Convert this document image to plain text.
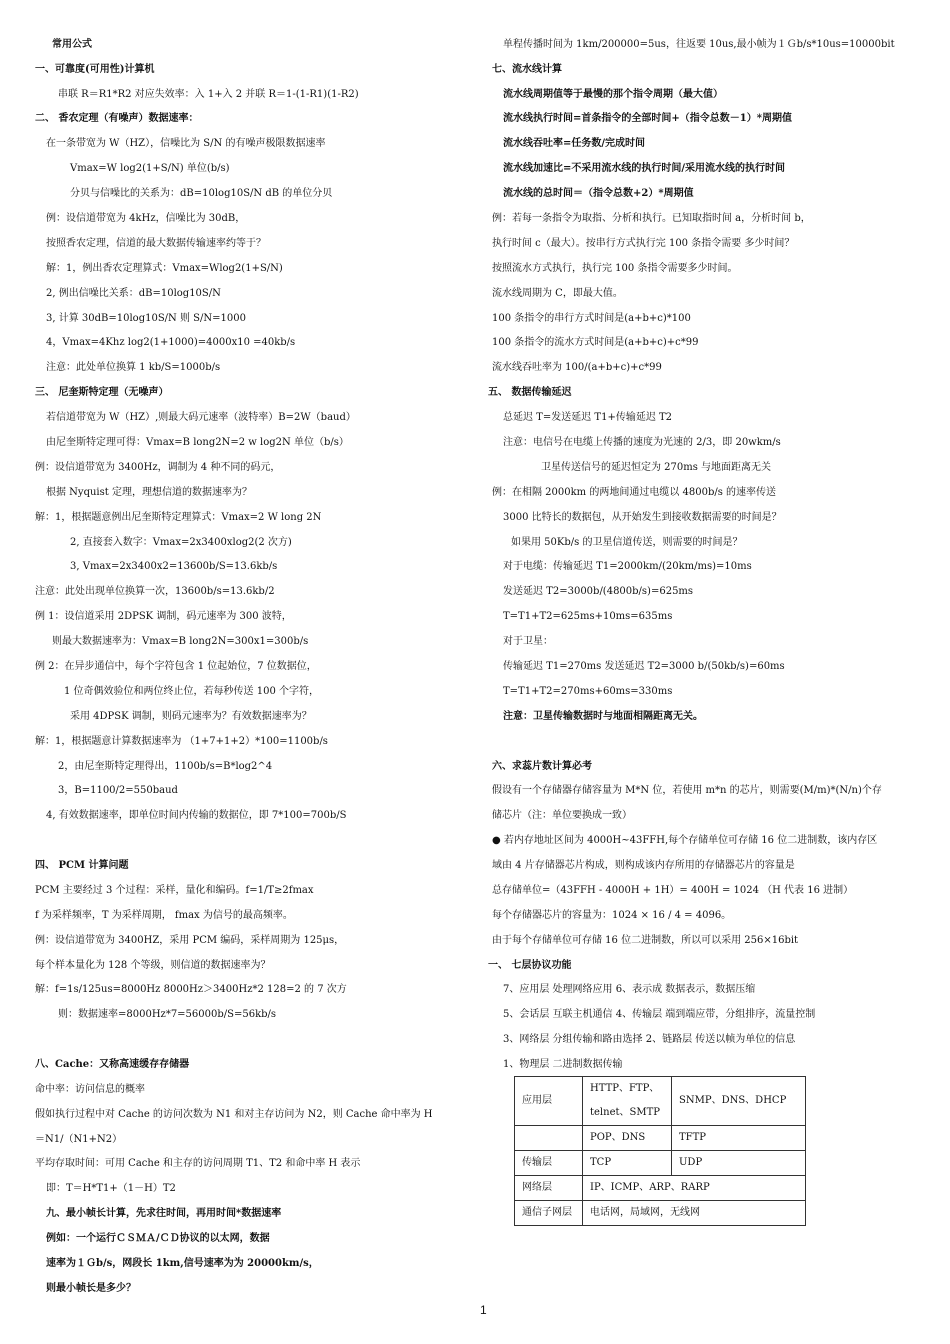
常用公式
一、可靠度(可用性)计算机
串联 R＝R1*R2 对应失效率：入 1+入 2 并联 R＝1-(1-R1)(1-R2)
二、 香农定理（有噪声）数据速率：
在一条带宽为 W（HZ），信噪比为 S/N 的有噪声极限数据速率
Vmax=W log2(1+S/N) 单位(b/s)
分贝与信噪比的关系为：dB=10log10S/N dB 的单位分贝
例：设信道带宽为 4kHz，信噪比为 30dB，
按照香农定理，信道的最大数据传输速率约等于？
解：1，例出香农定理算式：Vmax=Wlog2(1+S/N)
2, 例出信噪比关系：dB=10log10S/N
3, 计算 30dB=10log10S/N 则 S/N=1000
4，Vmax=4Khz log2(1+1000)=4000x10 =40kb/s
注意：此处单位换算 1 kb/S=1000b/s
三、 尼奎斯特定理（无噪声）
若信道带宽为 W（HZ）,则最大码元速率（波特率）B=2W（baud）
由尼奎斯特定理可得：Vmax=B long2N=2 w log2N 单位（b/s）
例：设信道带宽为 3400Hz，调制为 4 种不同的码元，
根据 Nyquist 定理，理想信道的数据速率为？
解：1，根据题意例出尼奎斯特定理算式：Vmax=2 W long 2N
2, 直接套入数字：Vmax=2x3400xlog2(2 次方)
3, Vmax=2x3400x2=13600b/S=13.6kb/s
注意：此处出现单位换算一次，13600b/s=13.6kb/2
例 1：设信道采用 2DPSK 调制，码元速率为 300 波特，
则最大数据速率为：Vmax=B long2N=300x1=300b/s
例 2：在异步通信中，每个字符包含 1 位起始位，7 位数据位，
1 位奇偶效验位和两位终止位，若每秒传送 100 个字符，
采用 4DPSK 调制，则码元速率为？有效数据速率为？
解：1，根据题意计算数据速率为 （1+7+1+2）*100=1100b/s
2，由尼奎斯特定理得出，1100b/s=B*log2^4
3，B=1100/2=550baud
4, 有效数据速率，即单位时间内传输的数据位，即 7*100=700b/S
四、 PCM 计算问题
PCM 主要经过 3 个过程：采样，量化和编码。f=1/T≥2fmax
f 为采样频率，T 为采样周期， fmax 为信号的最高频率。
例：设信道带宽为 3400HZ，采用 PCM 编码，采样周期为 125μs，
每个样本量化为 128 个等级，则信道的数据速率为？
解：f=1s/125us=8000Hz 8000Hz＞3400Hz*2 128=2 的 7 次方
则：数据速率=8000Hz*7=56000b/S=56kb/s
八、Cache：又称高速缓存存储器
命中率：访问信息的概率
假如执行过程中对 Cache 的访问次数为 N1 和对主存访问为 N2，则 Cache 命中率为 H
＝N1/（N1+N2）
平均存取时间：可用 Cache 和主存的访问周期 T1、T2 和命中率 H 表示
即：T＝H*T1+（1－H）T2
九、最小帧长计算，先求往时间，再用时间*数据速率
例如：一个运行ＣＳＭＡ/ＣＤ协议的以太网，数据
速率为１Ｇb/s，网段长 1km,信号速率为为 20000km/s，
则最小帧长是多少？
单程传播时间为 1km/200000=5us，往返要 10us,最小帧为１Ｇb/s*10us=10000bit
七、流水线计算
流水线周期值等于最慢的那个指令周期（最大值）
流水线执行时间=首条指令的全部时间+（指令总数－1）*周期值
流水线吞吐率=任务数/完成时间
流水线加速比=不采用流水线的执行时间/采用流水线的执行时间
流水线的总时间＝（指令总数+2）*周期值
例：若每一条指令为取指、分析和执行。已知取指时间 a，分析时间 b，
执行时间 c（最大）。按串行方式执行完 100 条指令需要 多少时间？
按照流水方式执行，执行完 100 条指令需要多少时间。
流水线周期为 C，即最大值。
100 条指令的串行方式时间是(a+b+c)*100
100 条指令的流水方式时间是(a+b+c)+c*99
流水线吞吐率为 100/(a+b+c)+c*99
五、 数据传输延迟
总延迟 T=发送延迟 T1+传输延迟 T2
注意：电信号在电缆上传播的速度为光速的 2/3，即 20wkm/s
卫星传送信号的延迟恒定为 270ms 与地面距离无关
例：在相隔 2000km 的两地间通过电缆以 4800b/s 的速率传送
3000 比特长的数据包，从开始发生到接收数据需要的时间是？
如果用 50Kb/s 的卫星信道传送，则需要的时间是？
对于电缆：传输延迟 T1=2000km/(20km/ms)=10ms
发送延迟 T2=3000b/(4800b/s)=625ms
T=T1+T2=625ms+10ms=635ms
对于卫星：
传输延迟 T1=270ms 发送延迟 T2=3000 b/(50kb/s)=60ms
T=T1+T2=270ms+60ms=330ms
注意：卫星传输数据时与地面相隔距离无关。
六、求蕊片数计算必考
假设有一个存储器存储容量为 M*N 位，若使用 m*n 的芯片，则需要(M/m)*(N/n)个存
储芯片（注：单位要换成一致）
● 若内存地址区间为 4000H~43FFH,每个存储单位可存储 16 位二进制数，该内存区
域由 4 片存储器芯片构成，则构成该内存所用的存储器芯片的容量是
总存储单位=（43FFH - 4000H + 1H）= 400H = 1024 （H 代表 16 进制）
每个存储器芯片的容量为：1024 × 16 / 4 = 4096。
由于每个存储单位可存储 16 位二进制数，所以可以采用 256×16bit
一、 七层协议功能
7、应用层 处理网络应用 6、表示成 数据表示，数据压缩
5、会话层 互联主机通信 4、传输层 端到端应带，分组排序，流量控制
3、网络层 分组传输和路由选择 2、链路层 传送以帧为单位的信息
1、物理层 二进制数据传输
应用层	HTTP、FTP、telnet、SMTP	SNMP、DNS、DHCP
	POP、DNS	TFTP
传输层	TCP	UDP
网络层	IP、ICMP、ARP、RARP	
通信子网层	电话网，局域网，无线网	
1
